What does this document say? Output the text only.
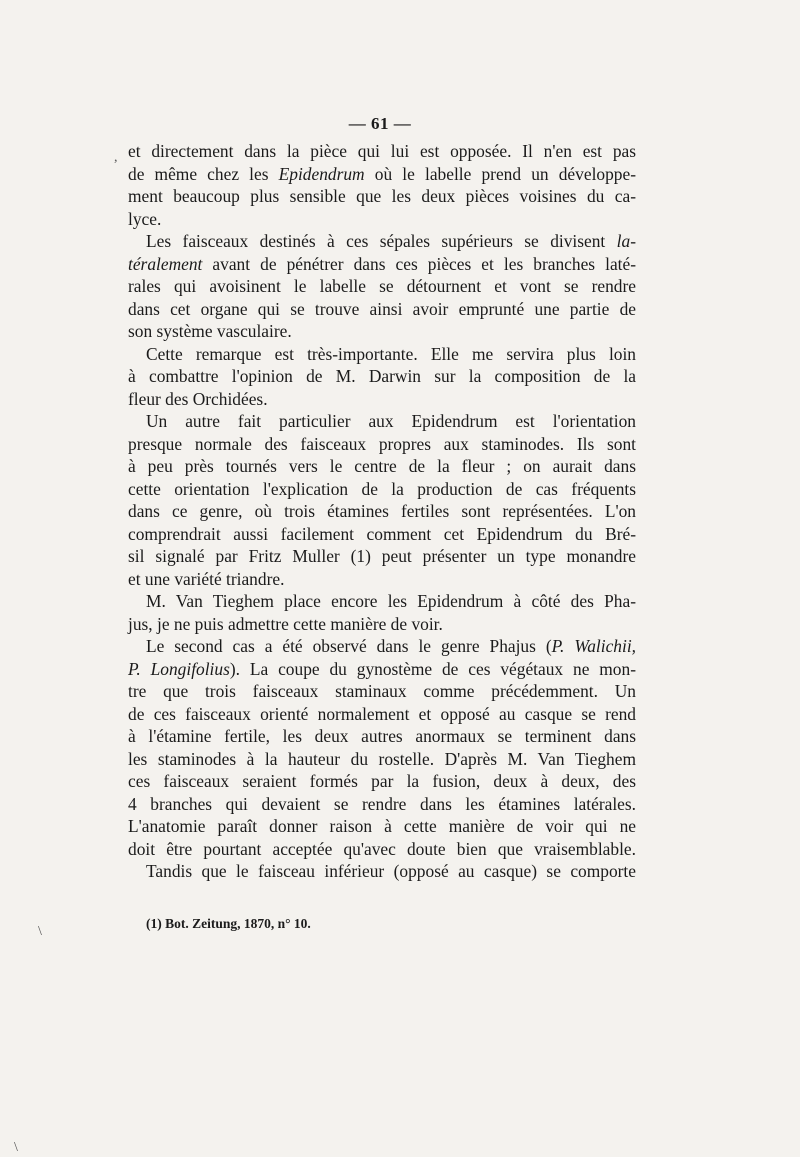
— 61 —
,
\
\
et directement dans la pièce qui lui est opposée. Il n'en est pas
de même chez les Epidendrum où le labelle prend un développe-
ment beaucoup plus sensible que les deux pièces voisines du ca-
lyce.
Les faisceaux destinés à ces sépales supérieurs se divisent la-
téralement avant de pénétrer dans ces pièces et les branches laté-
rales qui avoisinent le labelle se détournent et vont se rendre
dans cet organe qui se trouve ainsi avoir emprunté une partie de
son système vasculaire.
Cette remarque est très-importante. Elle me servira plus loin
à combattre l'opinion de M. Darwin sur la composition de la
fleur des Orchidées.
Un autre fait particulier aux Epidendrum est l'orientation
presque normale des faisceaux propres aux staminodes. Ils sont
à peu près tournés vers le centre de la fleur ; on aurait dans
cette orientation l'explication de la production de cas fréquents
dans ce genre, où trois étamines fertiles sont représentées. L'on
comprendrait aussi facilement comment cet Epidendrum du Bré-
sil signalé par Fritz Muller (1) peut présenter un type monandre
et une variété triandre.
M. Van Tieghem place encore les Epidendrum à côté des Pha-
jus, je ne puis admettre cette manière de voir.
Le second cas a été observé dans le genre Phajus (P. Walichii,
P. Longifolius). La coupe du gynostème de ces végétaux ne mon-
tre que trois faisceaux staminaux comme précédemment. Un
de ces faisceaux orienté normalement et opposé au casque se rend
à l'étamine fertile, les deux autres anormaux se terminent dans
les staminodes à la hauteur du rostelle. D'après M. Van Tieghem
ces faisceaux seraient formés par la fusion, deux à deux, des
4 branches qui devaient se rendre dans les étamines latérales.
L'anatomie paraît donner raison à cette manière de voir qui ne
doit être pourtant acceptée qu'avec doute bien que vraisemblable.
Tandis que le faisceau inférieur (opposé au casque) se comporte
(1) Bot. Zeitung, 1870, n° 10.
